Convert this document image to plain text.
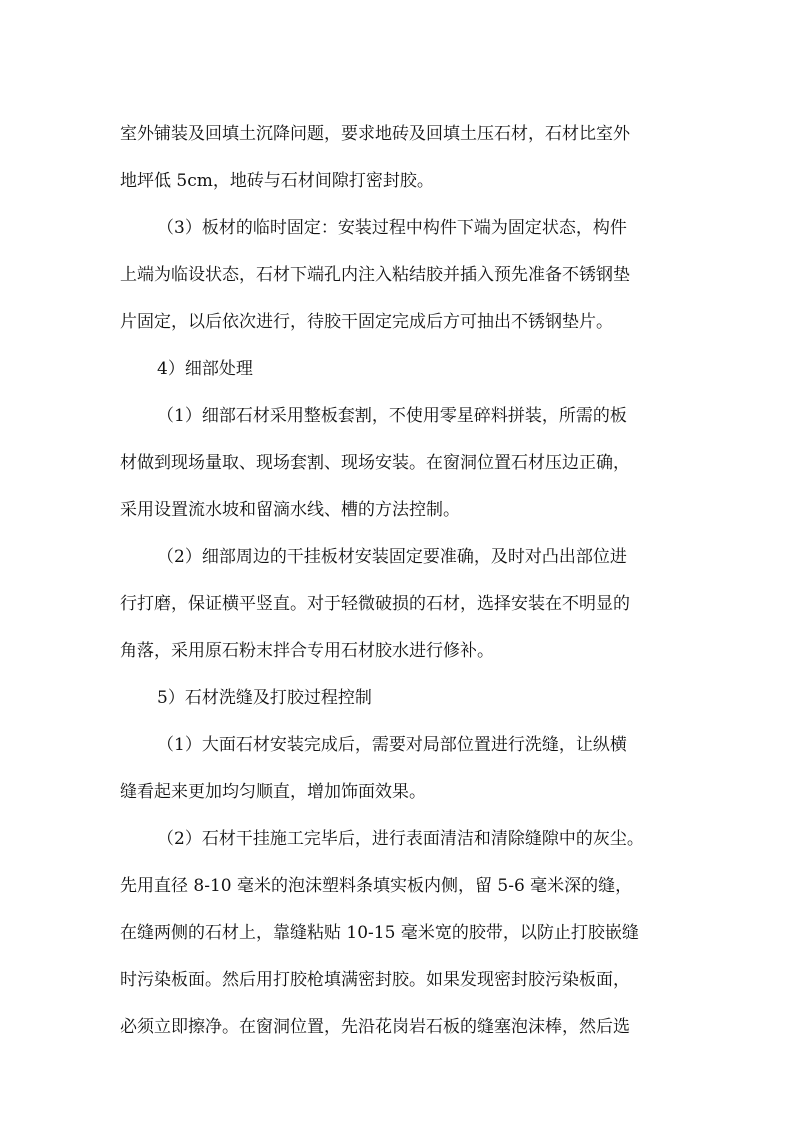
室外铺装及回填土沉降问题，要求地砖及回填土压石材，石材比室外
地坪低 5cm，地砖与石材间隙打密封胶。
（3）板材的临时固定：安装过程中构件下端为固定状态，构件
上端为临设状态，石材下端孔内注入粘结胶并插入预先准备不锈钢垫
片固定，以后依次进行，待胶干固定完成后方可抽出不锈钢垫片。
4）细部处理
（1）细部石材采用整板套割，不使用零星碎料拼装，所需的板
材做到现场量取、现场套割、现场安装。在窗洞位置石材压边正确，
采用设置流水坡和留滴水线、槽的方法控制。
（2）细部周边的干挂板材安装固定要准确，及时对凸出部位进
行打磨，保证横平竖直。对于轻微破损的石材，选择安装在不明显的
角落，采用原石粉末拌合专用石材胶水进行修补。
5）石材洗缝及打胶过程控制
（1）大面石材安装完成后，需要对局部位置进行洗缝，让纵横
缝看起来更加均匀顺直，增加饰面效果。
（2）石材干挂施工完毕后，进行表面清洁和清除缝隙中的灰尘。
先用直径 8-10 毫米的泡沫塑料条填实板内侧，留 5-6 毫米深的缝，
在缝两侧的石材上，靠缝粘贴 10-15 毫米宽的胶带，以防止打胶嵌缝
时污染板面。然后用打胶枪填满密封胶。如果发现密封胶污染板面，
必须立即擦净。在窗洞位置，先沿花岗岩石板的缝塞泡沫棒，然后选
